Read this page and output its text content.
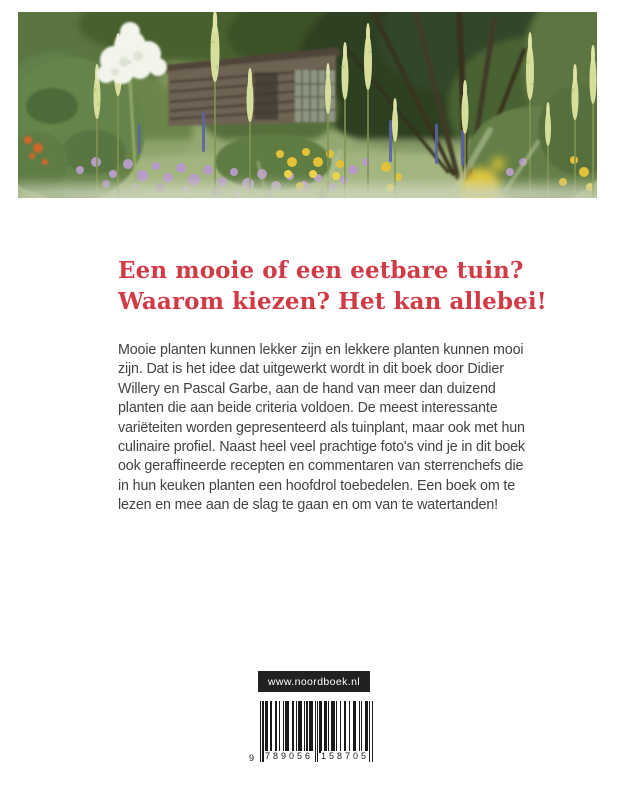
Een mooie of een eetbare tuin?
Waarom kiezen? Het kan allebei!
Mooie planten kunnen lekker zijn en lekkere planten kunnen mooi
zijn. Dat is het idee dat uitgewerkt wordt in dit boek door Didier
Willery en Pascal Garbe, aan de hand van meer dan duizend
planten die aan beide criteria voldoen. De meest interessante
variëteiten worden gepresenteerd als tuinplant, maar ook met hun
culinaire profiel. Naast heel veel prachtige foto's vind je in dit boek
ook geraffineerde recepten en commentaren van sterrenchefs die
in hun keuken planten een hoofdrol toebedelen. Een boek om te
lezen en mee aan de slag te gaan en om van te watertanden!
www.noordboek.nl
9 789056 158705
